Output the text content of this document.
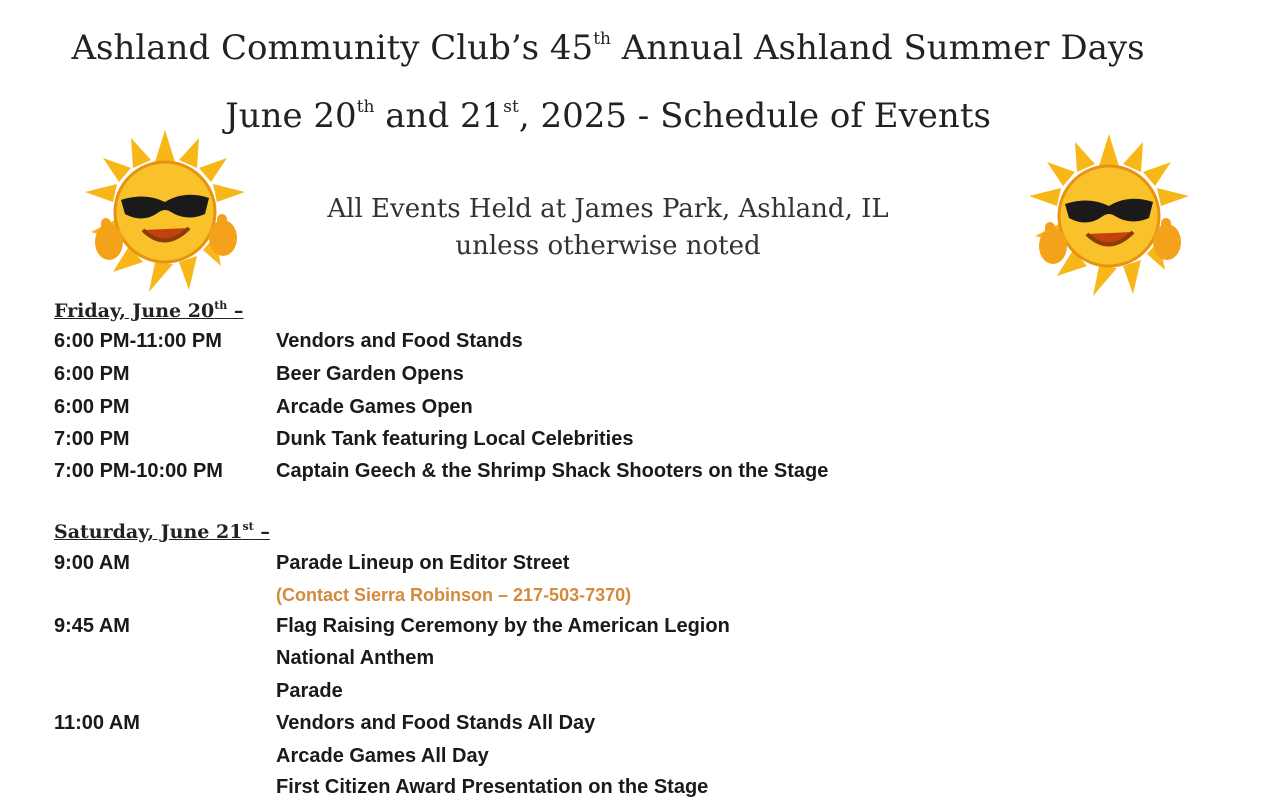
Ashland Community Club’s 45th Annual Ashland Summer Days
June 20th and 21st, 2025 - Schedule of Events
All Events Held at James Park, Ashland, IL
unless otherwise noted
Friday, June 20th –
6:00 PM-11:00 PM	Vendors and Food Stands
6:00 PM	Beer Garden Opens
6:00 PM	Arcade Games Open
7:00 PM	Dunk Tank featuring Local Celebrities
7:00 PM-10:00 PM	Captain Geech & the Shrimp Shack Shooters on the Stage
Saturday, June 21st –
9:00 AM	Parade Lineup on Editor Street
(Contact Sierra Robinson – 217-503-7370)
9:45 AM	Flag Raising Ceremony by the American Legion
National Anthem
Parade
11:00 AM	Vendors and Food Stands All Day
Arcade Games All Day
First Citizen Award Presentation on the Stage
